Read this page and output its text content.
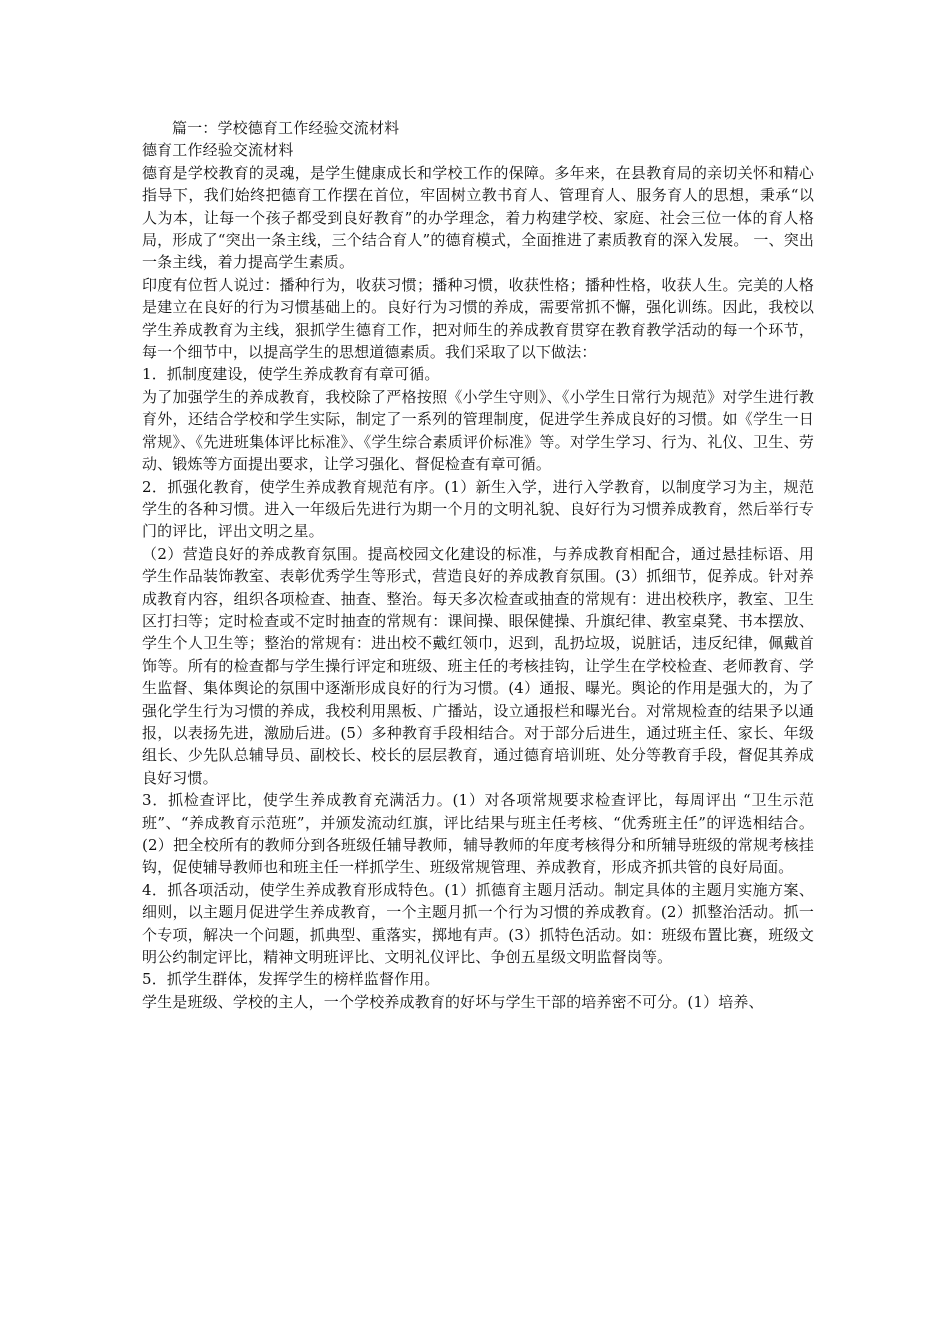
篇一：学校德育工作经验交流材料

德育工作经验交流材料

德育是学校教育的灵魂，是学生健康成长和学校工作的保障。多年来，在县教育局的亲切关怀和精心指导下，我们始终把德育工作摆在首位，牢固树立教书育人、管理育人、服务育人的思想，秉承“以人为本，让每一个孩子都受到良好教育”的办学理念，着力构建学校、家庭、社会三位一体的育人格局，形成了“突出一条主线，三个结合育人”的德育模式，全面推进了素质教育的深入发展。 一、突出一条主线，着力提高学生素质。

印度有位哲人说过：播种行为，收获习惯；播种习惯，收获性格；播种性格，收获人生。完美的人格是建立在良好的行为习惯基础上的。良好行为习惯的养成，需要常抓不懈，强化训练。因此，我校以学生养成教育为主线，狠抓学生德育工作，把对师生的养成教育贯穿在教育教学活动的每一个环节，每一个细节中，以提高学生的思想道德素质。我们采取了以下做法：

1．抓制度建设，使学生养成教育有章可循。

为了加强学生的养成教育，我校除了严格按照《小学生守则》、《小学生日常行为规范》对学生进行教育外，还结合学校和学生实际，制定了一系列的管理制度，促进学生养成良好的习惯。如《学生一日常规》、《先进班集体评比标准》、《学生综合素质评价标准》等。对学生学习、行为、礼仪、卫生、劳动、锻炼等方面提出要求，让学习强化、督促检查有章可循。

2．抓强化教育，使学生养成教育规范有序。(1）新生入学，进行入学教育，以制度学习为主，规范学生的各种习惯。进入一年级后先进行为期一个月的文明礼貌、良好行为习惯养成教育，然后举行专门的评比，评出文明之星。

（2）营造良好的养成教育氛围。提高校园文化建设的标准，与养成教育相配合，通过悬挂标语、用学生作品装饰教室、表彰优秀学生等形式，营造良好的养成教育氛围。(3）抓细节，促养成。针对养成教育内容，组织各项检查、抽查、整治。每天多次检查或抽查的常规有：进出校秩序，教室、卫生区打扫等；定时检查或不定时抽查的常规有：课间操、眼保健操、升旗纪律、教室桌凳、书本摆放、学生个人卫生等；整治的常规有：进出校不戴红领巾，迟到，乱扔垃圾，说脏话，违反纪律，佩戴首饰等。所有的检查都与学生操行评定和班级、班主任的考核挂钩，让学生在学校检查、老师教育、学生监督、集体舆论的氛围中逐渐形成良好的行为习惯。(4）通报、曝光。舆论的作用是强大的，为了强化学生行为习惯的养成，我校利用黑板、广播站，设立通报栏和曝光台。对常规检查的结果予以通报，以表扬先进，激励后进。(5）多种教育手段相结合。对于部分后进生，通过班主任、家长、年级组长、少先队总辅导员、副校长、校长的层层教育，通过德育培训班、处分等教育手段，督促其养成良好习惯。

3．抓检查评比，使学生养成教育充满活力。(1）对各项常规要求检查评比，每周评出 “卫生示范班”、“养成教育示范班”，并颁发流动红旗，评比结果与班主任考核、“优秀班主任”的评选相结合。(2）把全校所有的教师分到各班级任辅导教师，辅导教师的年度考核得分和所辅导班级的常规考核挂钩，促使辅导教师也和班主任一样抓学生、班级常规管理、养成教育，形成齐抓共管的良好局面。

4．抓各项活动，使学生养成教育形成特色。(1）抓德育主题月活动。制定具体的主题月实施方案、细则，以主题月促进学生养成教育，一个主题月抓一个行为习惯的养成教育。(2）抓整治活动。抓一个专项，解决一个问题，抓典型、重落实，掷地有声。(3）抓特色活动。如：班级布置比赛，班级文明公约制定评比，精神文明班评比、文明礼仪评比、争创五星级文明监督岗等。

5．抓学生群体，发挥学生的榜样监督作用。

学生是班级、学校的主人，一个学校养成教育的好坏与学生干部的培养密不可分。(1）培养、
